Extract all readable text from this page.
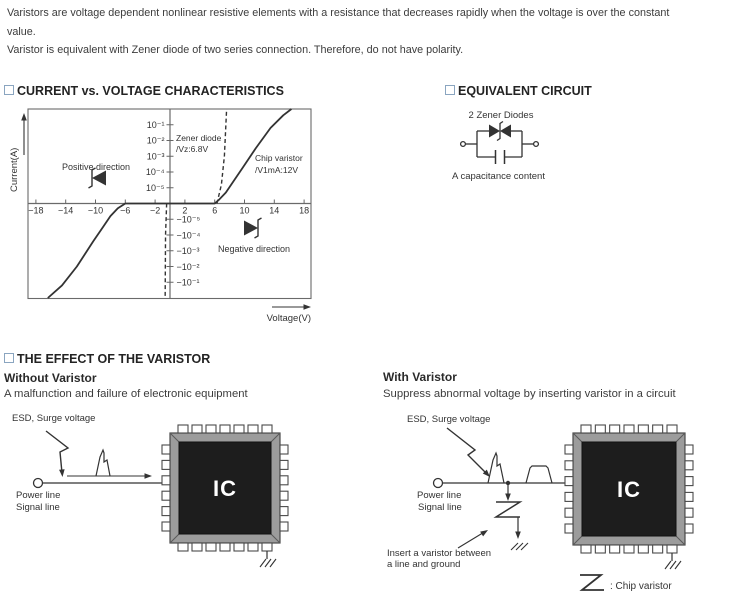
Varistors are voltage dependent nonlinear resistive elements with a resistance that decreases rapidly when the voltage is over the constant
value.
Varistor is equivalent with Zener diode of two series connection. Therefore, do not have polarity.
CURRENT vs. VOLTAGE CHARACTERISTICS	EQUIVALENT CIRCUIT
−18 −14 −10 −6 −2 2	6 10 14 18
10⁻¹
10⁻²
10⁻³
10⁻⁴
10⁻⁵
−10⁻⁵
−10⁻⁴
−10⁻³
−10⁻²
−10⁻¹
Current(A)
Voltage(V)
Zener diode
/Vz:6.8V
Chip varistor
/V1mA:12V
Positive direction
Negative direction
2 Zener Diodes
A capacitance content
THE EFFECT OF THE VARISTOR
Without Varistor
A malfunction and failure of electronic equipment
With Varistor
Suppress abnormal voltage by inserting varistor in a circuit
ESD, Surge voltage
Power line
Signal line
IC
ESD, Surge voltage
Insert a varistor between
a line and ground
Power line
Signal line
: Chip varistor
IC
